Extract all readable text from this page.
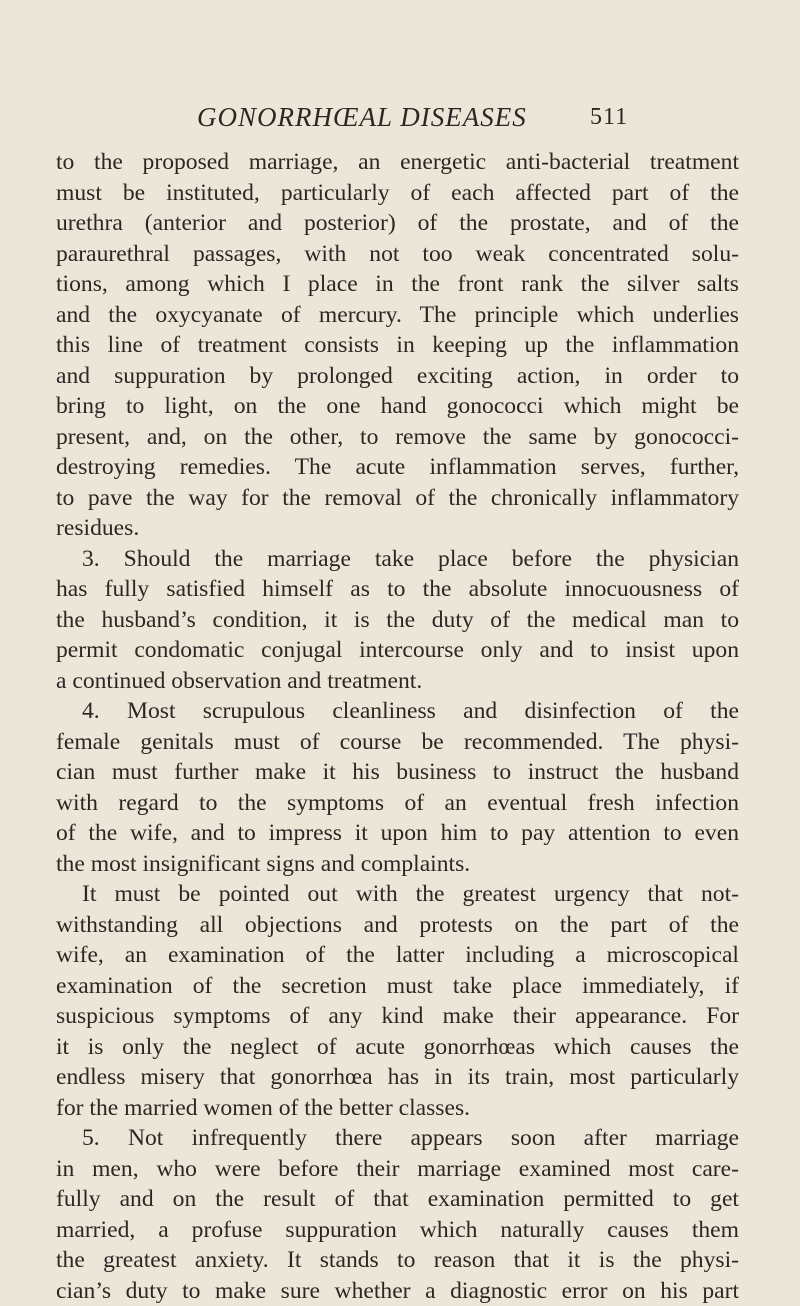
GONORRHŒAL DISEASES	511
to the proposed marriage, an energetic anti-bacterial treatment
must be instituted, particularly of each affected part of the
urethra (anterior and posterior) of the prostate, and of the
paraurethral passages, with not too weak concentrated solu-
tions, among which I place in the front rank the silver salts
and the oxycyanate of mercury. The principle which underlies
this line of treatment consists in keeping up the inflammation
and suppuration by prolonged exciting action, in order to
bring to light, on the one hand gonococci which might be
present, and, on the other, to remove the same by gonococci-
destroying remedies. The acute inflammation serves, further,
to pave the way for the removal of the chronically inflammatory
residues.
3. Should the marriage take place before the physician
has fully satisfied himself as to the absolute innocuousness of
the husband’s condition, it is the duty of the medical man to
permit condomatic conjugal intercourse only and to insist upon
a continued observation and treatment.
4. Most scrupulous cleanliness and disinfection of the
female genitals must of course be recommended. The physi-
cian must further make it his business to instruct the husband
with regard to the symptoms of an eventual fresh infection
of the wife, and to impress it upon him to pay attention to even
the most insignificant signs and complaints.
It must be pointed out with the greatest urgency that not-
withstanding all objections and protests on the part of the
wife, an examination of the latter including a microscopical
examination of the secretion must take place immediately, if
suspicious symptoms of any kind make their appearance. For
it is only the neglect of acute gonorrhœas which causes the
endless misery that gonorrhœa has in its train, most particularly
for the married women of the better classes.
5. Not infrequently there appears soon after marriage
in men, who were before their marriage examined most care-
fully and on the result of that examination permitted to get
married, a profuse suppuration which naturally causes them
the greatest anxiety. It stands to reason that it is the physi-
cian’s duty to make sure whether a diagnostic error on his part
